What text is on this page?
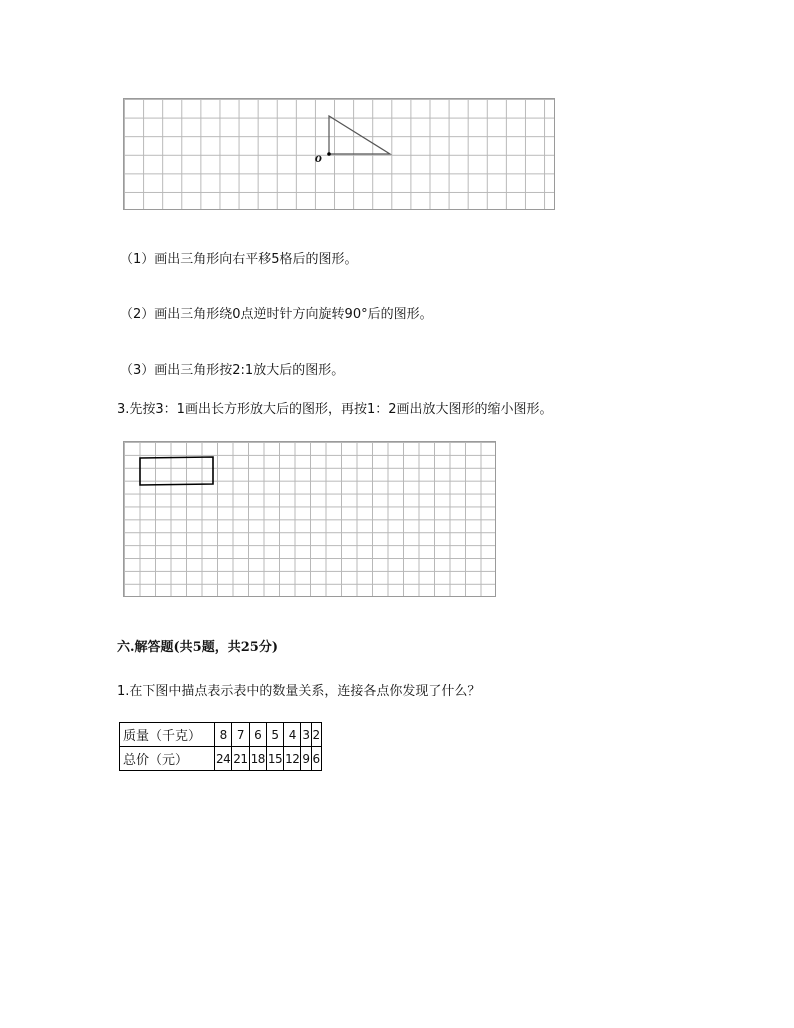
o
（1）画出三角形向右平移5格后的图形。
（2）画出三角形绕0点逆时针方向旋转90°后的图形。
（3）画出三角形按2:1放大后的图形。
3.先按3：1画出长方形放大后的图形，再按1：2画出放大图形的缩小图形。
六.解答题(共5题，共25分)
1.在下图中描点表示表中的数量关系，连接各点你发现了什么？
质量（千克）	8	7	6	5	4	3	2
总价（元）	24	21	18	15	12	9	6
